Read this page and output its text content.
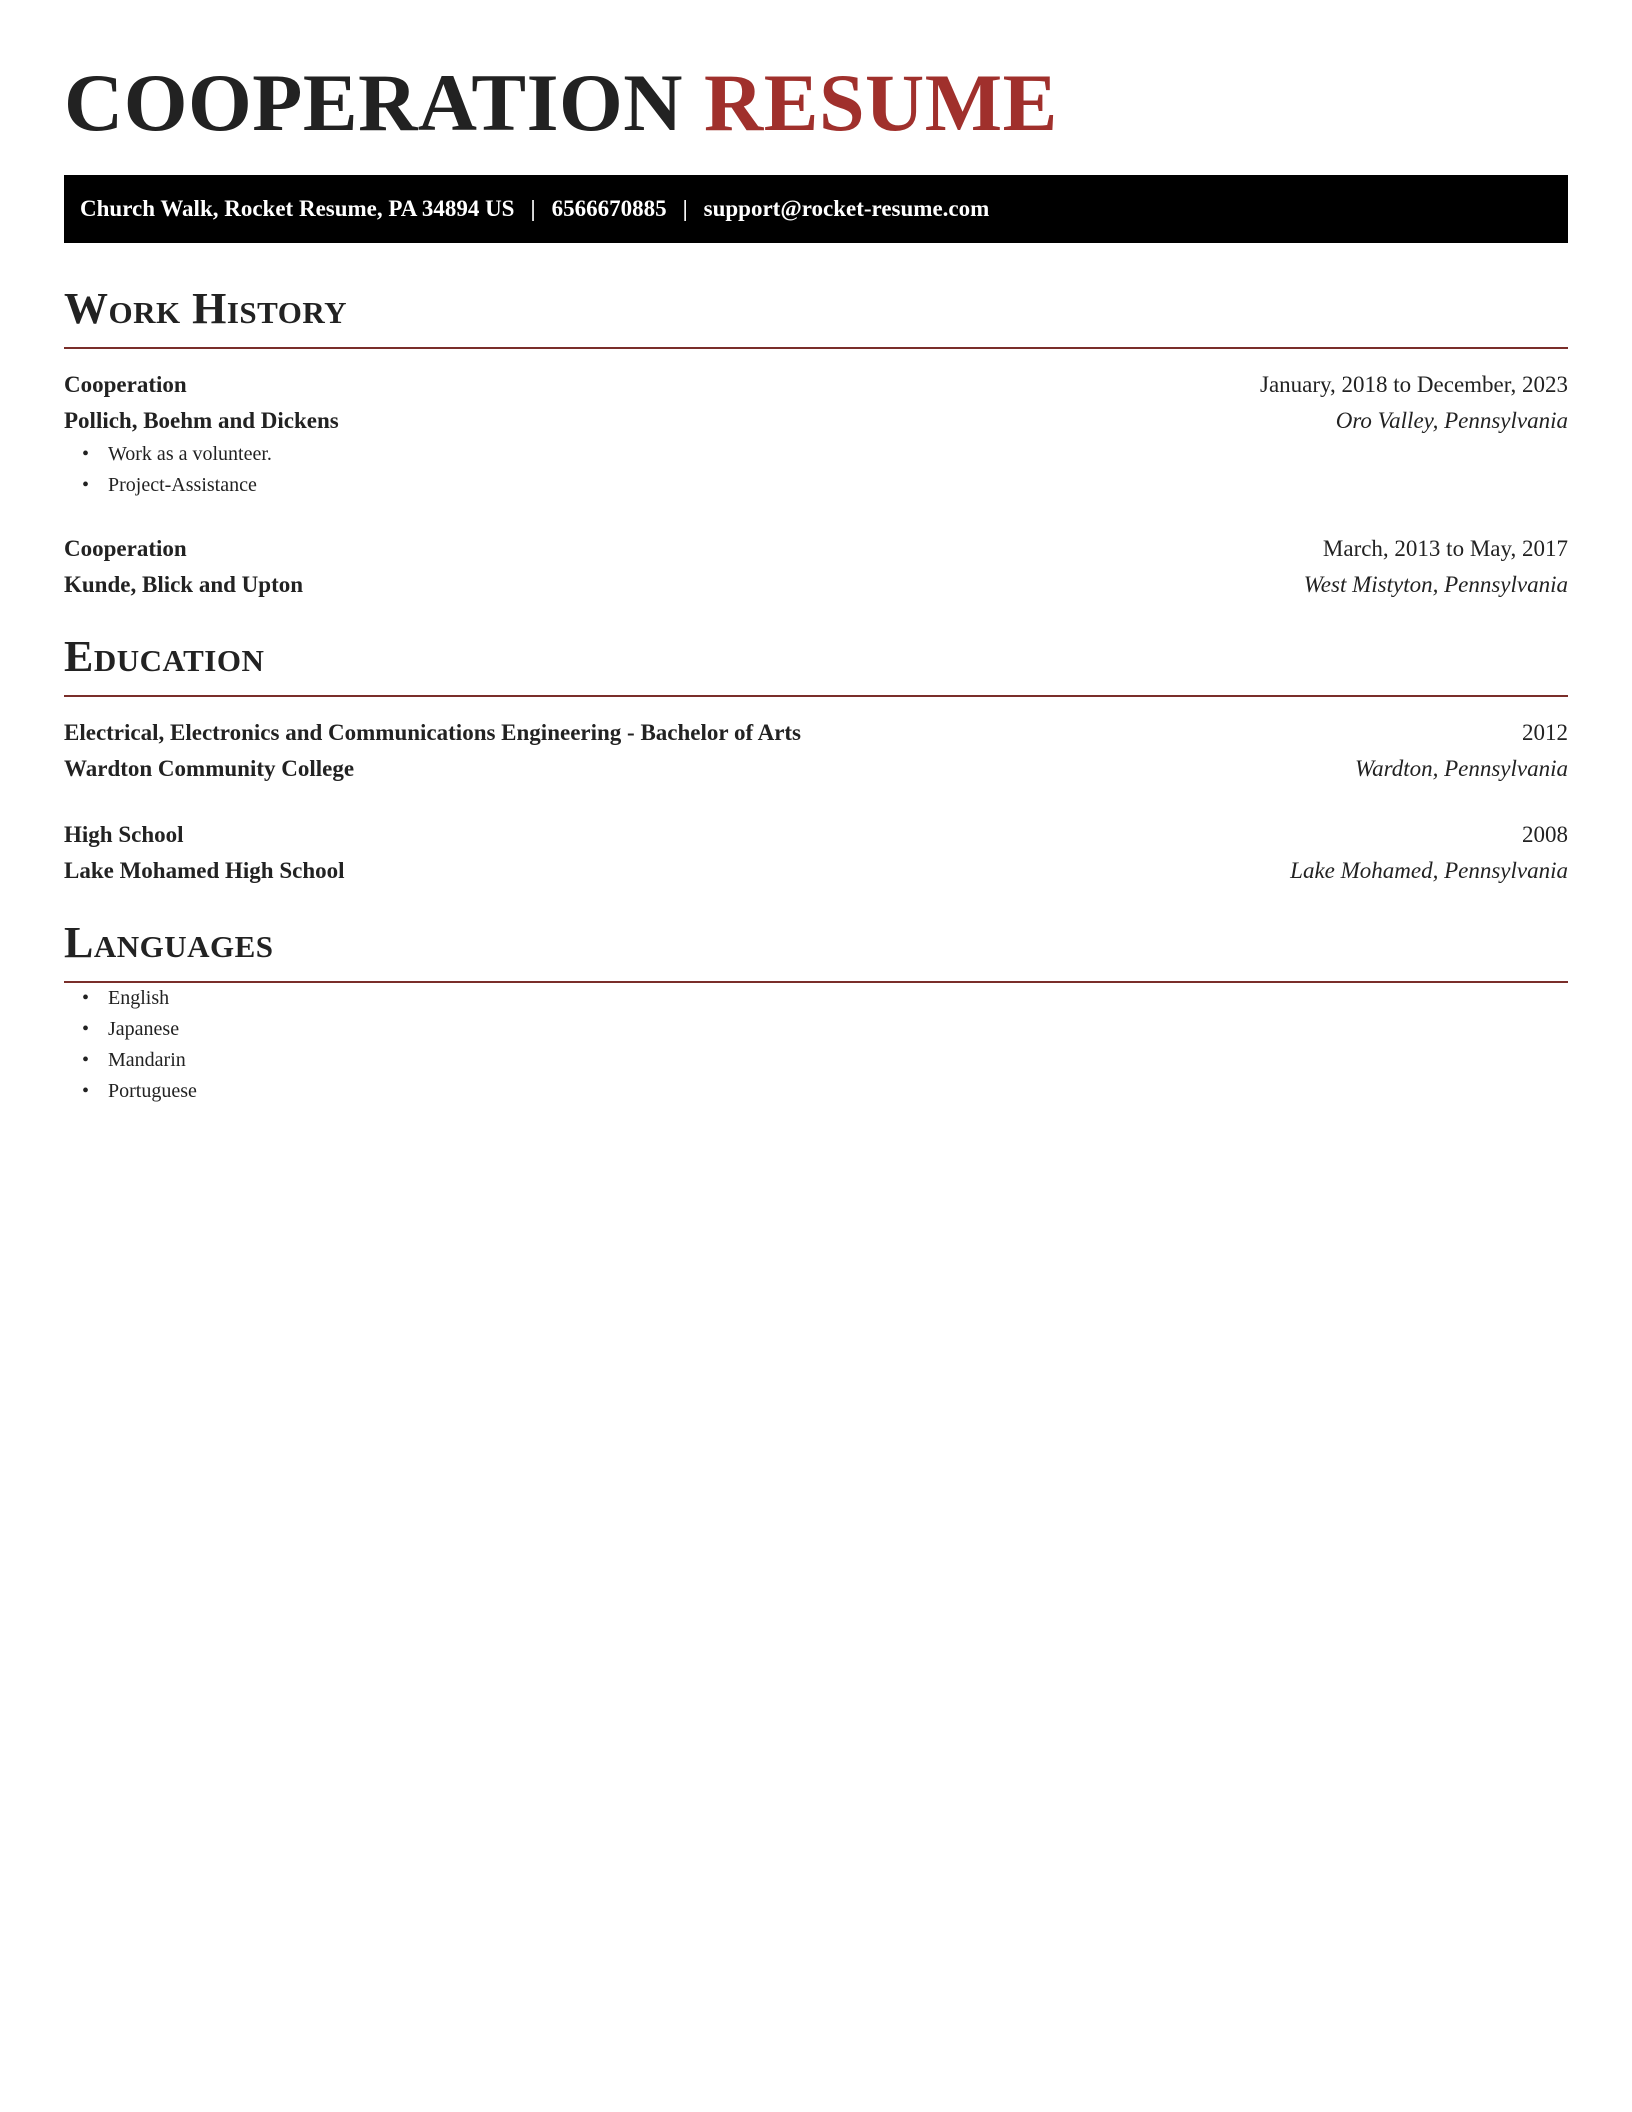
COOPERATION RESUME
Church Walk, Rocket Resume, PA 34894 US | 6566670885 | support@rocket-resume.com
Work History
Cooperation	January, 2018 to December, 2023
Pollich, Boehm and Dickens	Oro Valley, Pennsylvania
• Work as a volunteer.
• Project-Assistance
Cooperation	March, 2013 to May, 2017
Kunde, Blick and Upton	West Mistyton, Pennsylvania
Education
Electrical, Electronics and Communications Engineering - Bachelor of Arts	2012
Wardton Community College	Wardton, Pennsylvania
High School	2008
Lake Mohamed High School	Lake Mohamed, Pennsylvania
Languages
• English
• Japanese
• Mandarin
• Portuguese
